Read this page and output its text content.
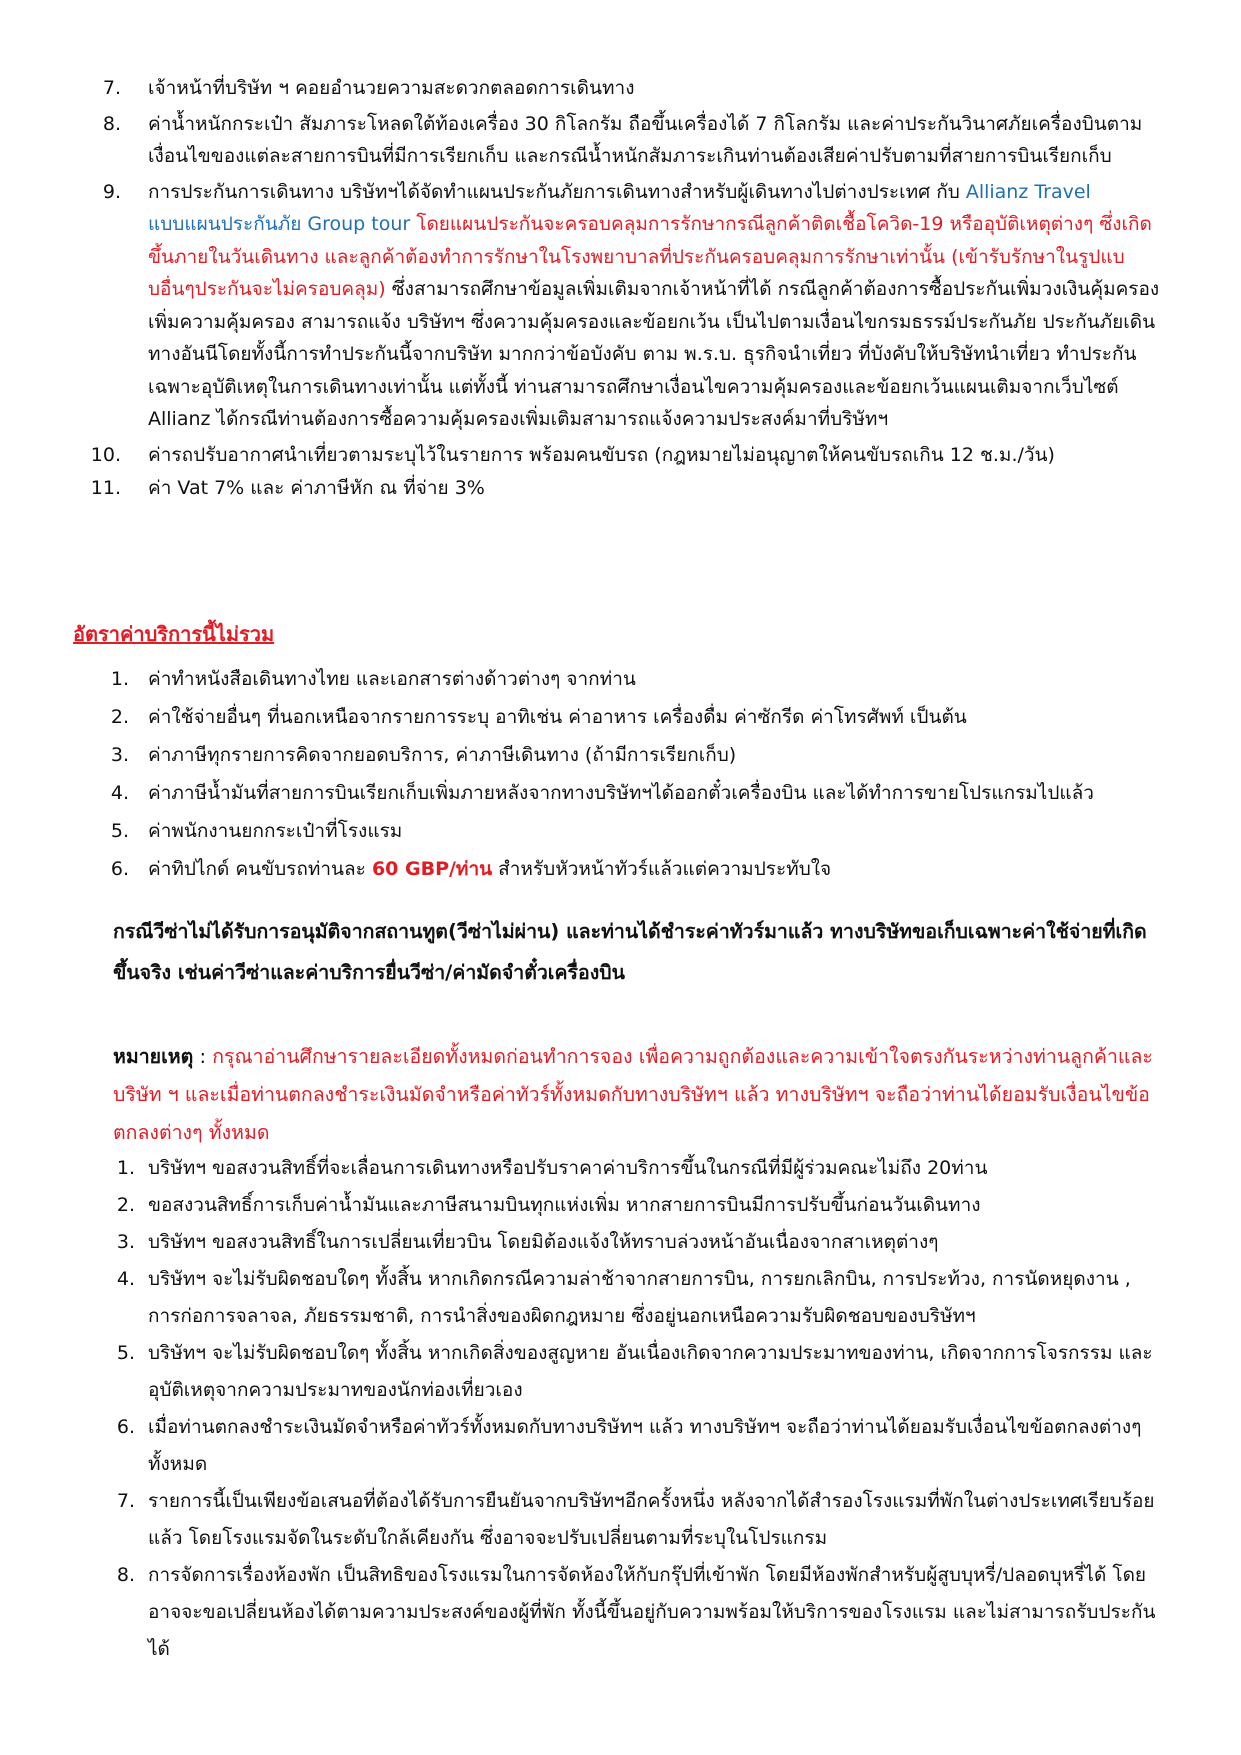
7. เจ้าหน้าที่บริษัท ฯ คอยอำนวยความสะดวกตลอดการเดินทาง
8. ค่าน้ำหนักกระเป๋า สัมภาระโหลดใต้ท้องเครื่อง 30 กิโลกรัม ถือขึ้นเครื่องได้ 7 กิโลกรัม และค่าประกันวินาศภัยเครื่องบินตามเงื่อนไขของแต่ละสายการบินที่มีการเรียกเก็บ และกรณีน้ำหนักสัมภาระเกินท่านต้องเสียค่าปรับตามที่สายการบินเรียกเก็บ
9. การประกันการเดินทาง บริษัทฯได้จัดทำแผนประกันภัยการเดินทางสำหรับผู้เดินทางไปต่างประเทศ กับ Allianz Travel แบบแผนประกันภัย Group tour โดยแผนประกันจะครอบคลุมการรักษากรณีลูกค้าติดเชื้อโควิด-19 หรืออุบัติเหตุต่างๆ ซึ่งเกิดขึ้นภายในวันเดินทาง และลูกค้าต้องทำการรักษาในโรงพยาบาลที่ประกันครอบคลุมการรักษาเท่านั้น (เข้ารับรักษาในรูปแบบอื่นๆประกันจะไม่ครอบคลุม) ซึ่งสามารถศึกษาข้อมูลเพิ่มเติมจากเจ้าหน้าที่ได้ กรณีลูกค้าต้องการซื้อประกันเพิ่มวงเงินคุ้มครอง เพิ่มความคุ้มครอง สามารถแจ้ง บริษัทฯ ซึ่งความคุ้มครองและข้อยกเว้น เป็นไปตามเงื่อนไขกรมธรรม์ประกันภัย ประกันภัยเดินทางอันนีโดยทั้งนี้การทำประกันนี้จากบริษัท มากกว่าข้อบังคับ ตาม พ.ร.บ. ธุรกิจนำเที่ยว ที่บังคับให้บริษัทนำเที่ยว ทำประกันเฉพาะอุบัติเหตุในการเดินทางเท่านั้น แต่ทั้งนี้ ท่านสามารถศึกษาเงื่อนไขความคุ้มครองและข้อยกเว้นแผนเติมจากเว็บไซต์ Allianz ได้กรณีท่านต้องการซื้อความคุ้มครองเพิ่มเติมสามารถแจ้งความประสงค์มาที่บริษัทฯ
10. ค่ารถปรับอากาศนำเที่ยวตามระบุไว้ในรายการ พร้อมคนขับรถ (กฎหมายไม่อนุญาตให้คนขับรถเกิน 12 ช.ม./วัน)
11. ค่า Vat 7% และ ค่าภาษีหัก ณ ที่จ่าย 3%
อัตราค่าบริการนี้ไม่รวม
1. ค่าทำหนังสือเดินทางไทย และเอกสารต่างด้าวต่างๆ จากท่าน
2. ค่าใช้จ่ายอื่นๆ ที่นอกเหนือจากรายการระบุ อาทิเช่น ค่าอาหาร เครื่องดื่ม ค่าซักรีด ค่าโทรศัพท์ เป็นต้น
3. ค่าภาษีทุกรายการคิดจากยอดบริการ, ค่าภาษีเดินทาง (ถ้ามีการเรียกเก็บ)
4. ค่าภาษีน้ำมันที่สายการบินเรียกเก็บเพิ่มภายหลังจากทางบริษัทฯได้ออกตั๋วเครื่องบิน และได้ทำการขายโปรแกรมไปแล้ว
5. ค่าพนักงานยกกระเป๋าที่โรงแรม
6. ค่าทิปไกด์ คนขับรถท่านละ 60 GBP/ท่าน สำหรับหัวหน้าทัวร์แล้วแต่ความประทับใจ

กรณีวีซ่าไม่ได้รับการอนุมัติจากสถานทูต(วีซ่าไม่ผ่าน) และท่านได้ชำระค่าทัวร์มาแล้ว ทางบริษัทขอเก็บเฉพาะค่าใช้จ่ายที่เกิดขึ้นจริง เช่นค่าวีซ่าและค่าบริการยื่นวีซ่า/ค่ามัดจำตั๋วเครื่องบิน

หมายเหตุ : กรุณาอ่านศึกษารายละเอียดทั้งหมดก่อนทำการจอง เพื่อความถูกต้องและความเข้าใจตรงกันระหว่างท่านลูกค้าและบริษัท ฯ และเมื่อท่านตกลงชำระเงินมัดจำหรือค่าทัวร์ทั้งหมดกับทางบริษัทฯ แล้ว ทางบริษัทฯ จะถือว่าท่านได้ยอมรับเงื่อนไขข้อตกลงต่างๆ ทั้งหมด

1. บริษัทฯ ขอสงวนสิทธิ์ที่จะเลื่อนการเดินทางหรือปรับราคาค่าบริการขึ้นในกรณีที่มีผู้ร่วมคณะไม่ถึง 20ท่าน
2. ขอสงวนสิทธิ์การเก็บค่าน้ำมันและภาษีสนามบินทุกแห่งเพิ่ม หากสายการบินมีการปรับขึ้นก่อนวันเดินทาง
3. บริษัทฯ ขอสงวนสิทธิ์ในการเปลี่ยนเที่ยวบิน โดยมิต้องแจ้งให้ทราบล่วงหน้าอันเนื่องจากสาเหตุต่างๆ
4. บริษัทฯ จะไม่รับผิดชอบใดๆ ทั้งสิ้น หากเกิดกรณีความล่าช้าจากสายการบิน, การยกเลิกบิน, การประท้วง, การนัดหยุดงาน , การก่อการจลาจล, ภัยธรรมชาติ, การนำสิ่งของผิดกฎหมาย ซึ่งอยู่นอกเหนือความรับผิดชอบของบริษัทฯ
5. บริษัทฯ จะไม่รับผิดชอบใดๆ ทั้งสิ้น หากเกิดสิ่งของสูญหาย อันเนื่องเกิดจากความประมาทของท่าน, เกิดจากการโจรกรรม และ อุบัติเหตุจากความประมาทของนักท่องเที่ยวเอง
6. เมื่อท่านตกลงชำระเงินมัดจำหรือค่าทัวร์ทั้งหมดกับทางบริษัทฯ แล้ว ทางบริษัทฯ จะถือว่าท่านได้ยอมรับเงื่อนไขข้อตกลงต่างๆ ทั้งหมด
7. รายการนี้เป็นเพียงข้อเสนอที่ต้องได้รับการยืนยันจากบริษัทฯอีกครั้งหนึ่ง หลังจากได้สำรองโรงแรมที่พักในต่างประเทศเรียบร้อยแล้ว โดยโรงแรมจัดในระดับใกล้เคียงกัน ซึ่งอาจจะปรับเปลี่ยนตามที่ระบุในโปรแกรม
8. การจัดการเรื่องห้องพัก เป็นสิทธิของโรงแรมในการจัดห้องให้กับกรุ๊ปที่เข้าพัก โดยมีห้องพักสำหรับผู้สูบบุหรี่/ปลอดบุหรี่ได้ โดยอาจจะขอเปลี่ยนห้องได้ตามความประสงค์ของผู้ที่พัก ทั้งนี้ขึ้นอยู่กับความพร้อมให้บริการของโรงแรม และไม่สามารถรับประกันได้
